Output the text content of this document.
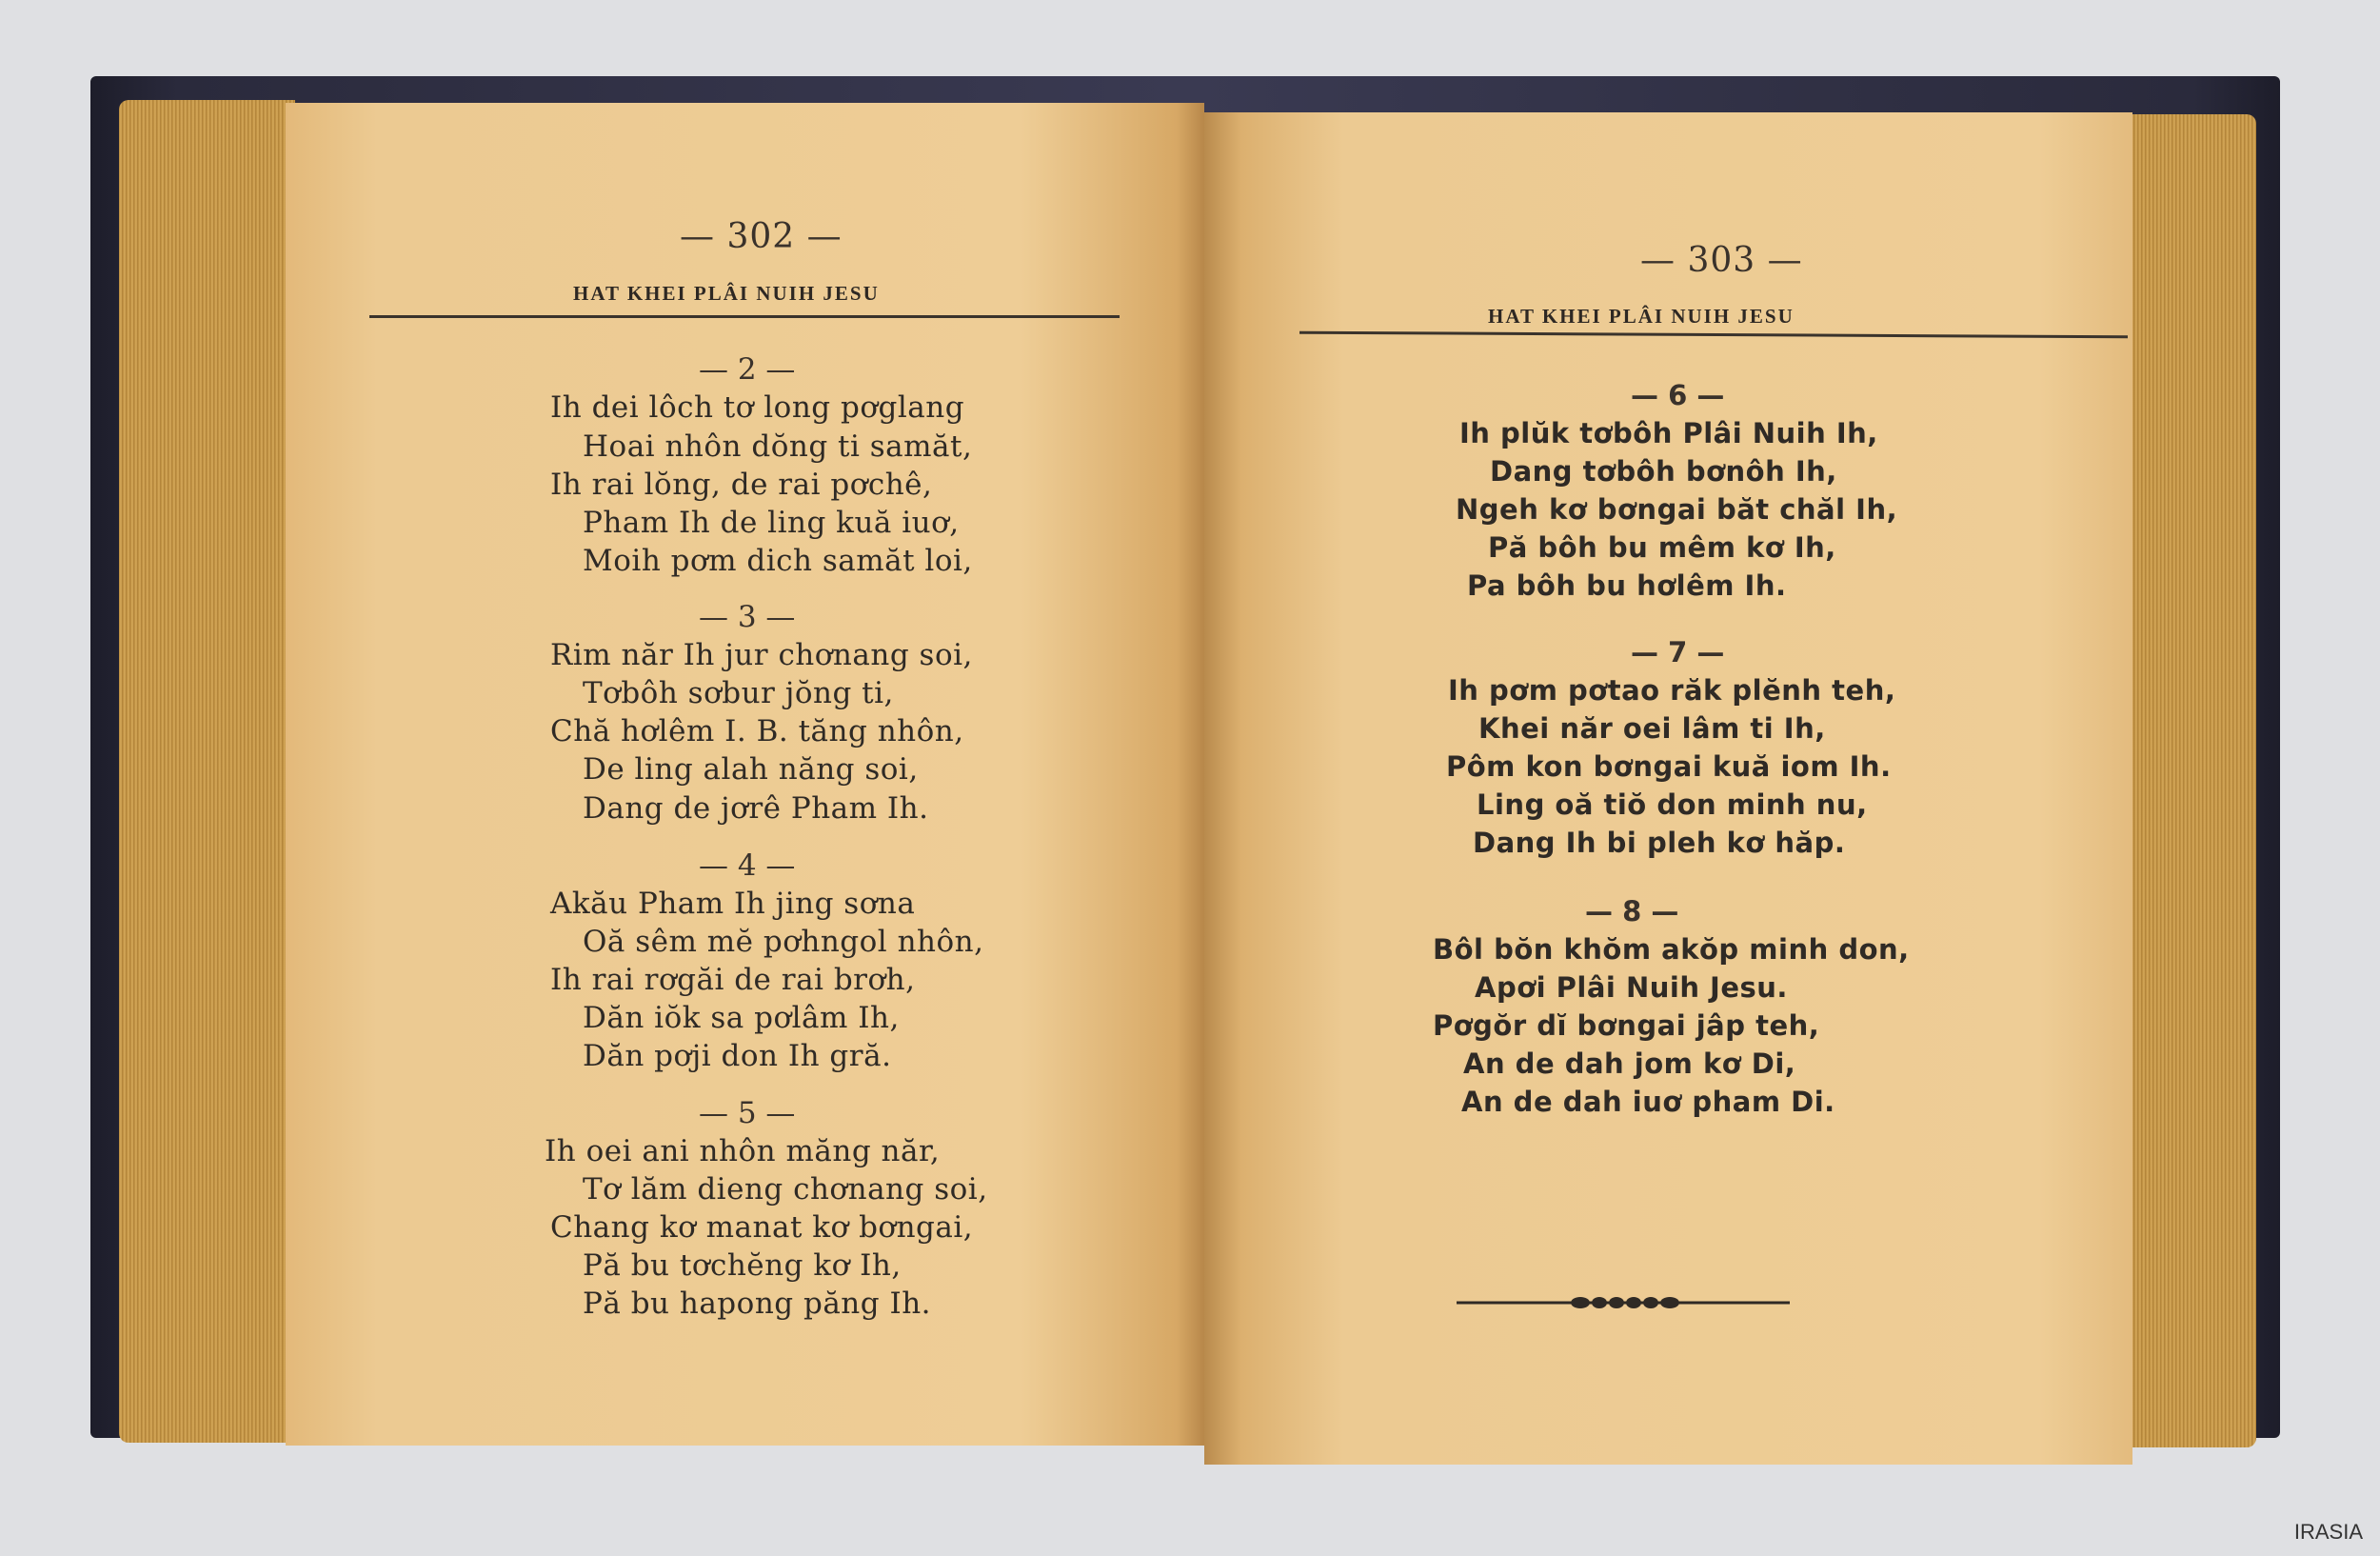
— 302 —
HAT KHEI PLÂI NUIH JESU
— 2 —
Ih dei lôch tơ long pơglang
Hoai nhôn dŏng ti samăt,
Ih rai lŏng, de rai pơchê,
Pham Ih de ling kuă iuơ,
Moih pơm dich samăt loi,
— 3 —
Rim năr Ih jur chơnang soi,
Tơbôh sơbur jŏng ti,
Chă hơlêm I. B. tăng nhôn,
De ling alah năng soi,
Dang de jơrê Pham Ih.
— 4 —
Akău Pham Ih jing sơna
Oă sêm mĕ pơhngol nhôn,
Ih rai rơgăi de rai brơh,
Dăn iŏk sa pơlâm Ih,
Dăn pơji don Ih gră.
— 5 —
Ih oei ani nhôn măng năr,
Tơ lăm dieng chơnang soi,
Chang kơ manat kơ bơngai,
Pă bu tơchĕng kơ Ih,
Pă bu hapong păng Ih.
— 303 —
HAT KHEI PLÂI NUIH JESU
— 6 —
Ih plŭk tơbôh Plâi Nuih Ih,
Dang tơbôh bơnôh Ih,
Ngeh kơ bơngai băt chăl Ih,
Pă bôh bu mêm kơ Ih,
Pa bôh bu hơlêm Ih.
— 7 —
Ih pơm pơtao răk plĕnh teh,
Khei năr oei lâm ti Ih,
Pôm kon bơngai kuă iom Ih.
Ling oă tiŏ don minh nu,
Dang Ih bi pleh kơ hăp.
— 8 —
Bôl bŏn khŏm akŏp minh don,
Apơi Plâi Nuih Jesu.
Pơgŏr dĭ bơngai jâp teh,
An de dah jom kơ Di,
An de dah iuơ pham Di.
IRASIA
